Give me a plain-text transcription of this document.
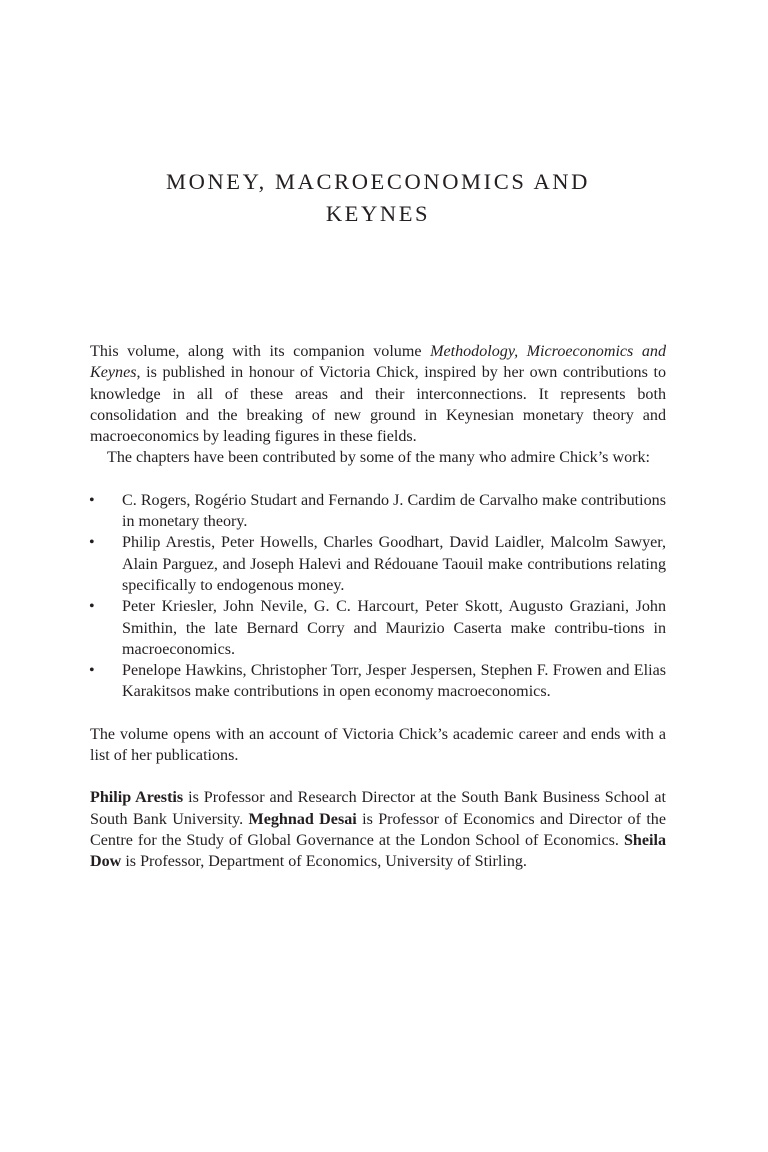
MONEY, MACROECONOMICS AND
KEYNES

This volume, along with its companion volume Methodology, Microeconomics and Keynes, is published in honour of Victoria Chick, inspired by her own contributions to knowledge in all of these areas and their interconnections. It represents both consolidation and the breaking of new ground in Keynesian monetary theory and macroeconomics by leading figures in these fields.

The chapters have been contributed by some of the many who admire Chick’s work:

• C. Rogers, Rogério Studart and Fernando J. Cardim de Carvalho make contributions in monetary theory.
• Philip Arestis, Peter Howells, Charles Goodhart, David Laidler, Malcolm Sawyer, Alain Parguez, and Joseph Halevi and Rédouane Taouil make contributions relating specifically to endogenous money.
• Peter Kriesler, John Nevile, G. C. Harcourt, Peter Skott, Augusto Graziani, John Smithin, the late Bernard Corry and Maurizio Caserta make contribu-tions in macroeconomics.
• Penelope Hawkins, Christopher Torr, Jesper Jespersen, Stephen F. Frowen and Elias Karakitsos make contributions in open economy macroeconomics.

The volume opens with an account of Victoria Chick’s academic career and ends with a list of her publications.

Philip Arestis is Professor and Research Director at the South Bank Business School at South Bank University. Meghnad Desai is Professor of Economics and Director of the Centre for the Study of Global Governance at the London School of Economics. Sheila Dow is Professor, Department of Economics, University of Stirling.
